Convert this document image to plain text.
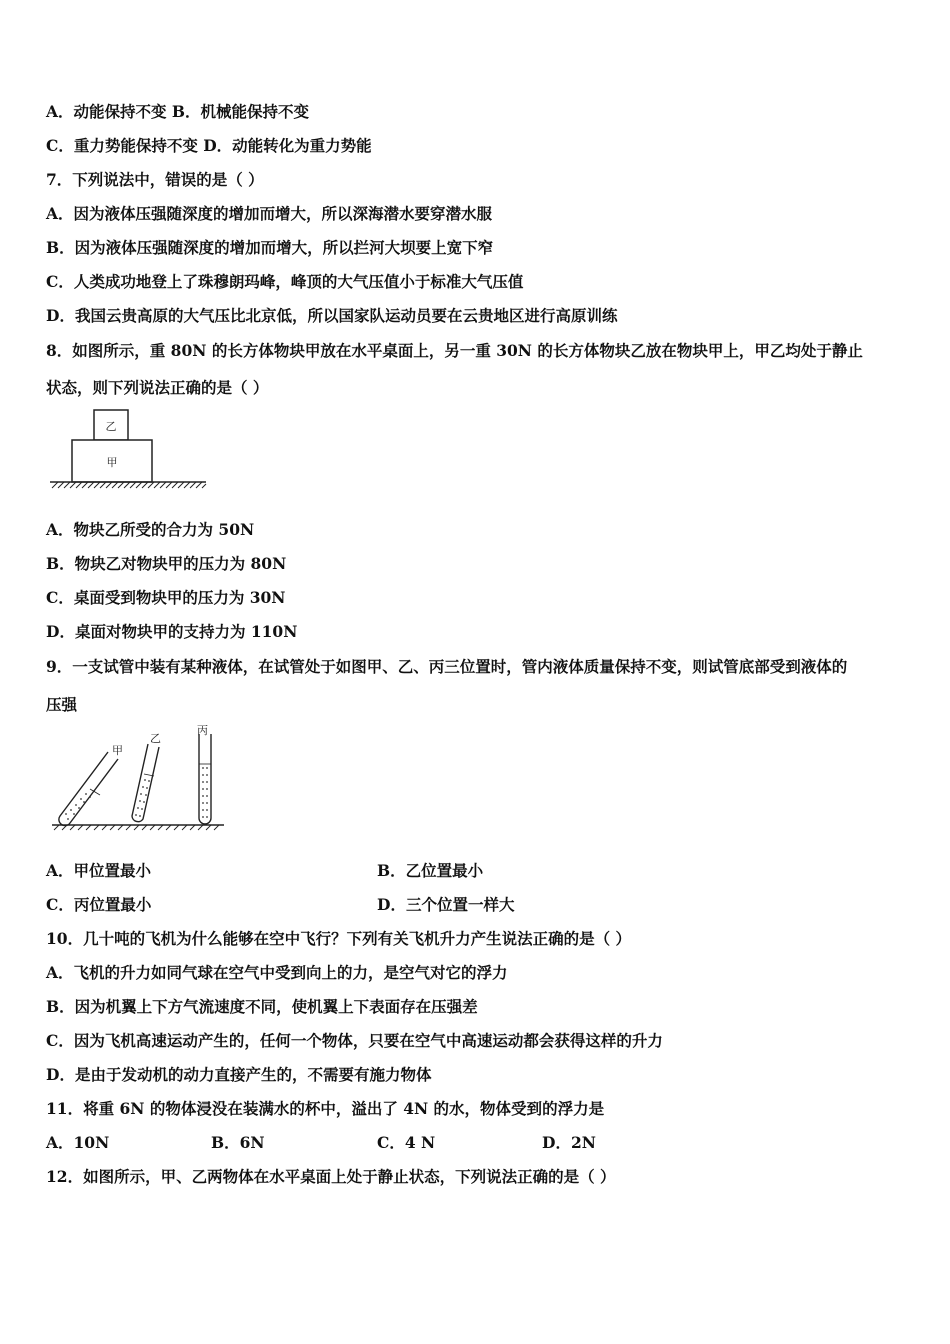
A．动能保持不变 B．机械能保持不变
C．重力势能保持不变 D．动能转化为重力势能
7．下列说法中，错误的是（ ）
A．因为液体压强随深度的增加而增大，所以深海潜水要穿潜水服
B．因为液体压强随深度的增加而增大，所以拦河大坝要上宽下窄
C．人类成功地登上了珠穆朗玛峰，峰顶的大气压值小于标准大气压值
D．我国云贵高原的大气压比北京低，所以国家队运动员要在云贵地区进行高原训练
8．如图所示，重 80N 的长方体物块甲放在水平桌面上，另一重 30N 的长方体物块乙放在物块甲上，甲乙均处于静止
状态，则下列说法正确的是（ ）
乙
甲
A．物块乙所受的合力为 50N
B．物块乙对物块甲的压力为 80N
C．桌面受到物块甲的压力为 30N
D．桌面对物块甲的支持力为 110N
9．一支试管中装有某种液体，在试管处于如图甲、乙、丙三位置时，管内液体质量保持不变，则试管底部受到液体的
压强
甲
乙
丙
A．甲位置最小	B．乙位置最小
C．丙位置最小	D．三个位置一样大
10．几十吨的飞机为什么能够在空中飞行？下列有关飞机升力产生说法正确的是（ ）
A．飞机的升力如同气球在空气中受到向上的力，是空气对它的浮力
B．因为机翼上下方气流速度不同，使机翼上下表面存在压强差
C．因为飞机高速运动产生的，任何一个物体，只要在空气中高速运动都会获得这样的升力
D．是由于发动机的动力直接产生的，不需要有施力物体
11．将重 6N 的物体浸没在装满水的杯中，溢出了 4N 的水，物体受到的浮力是
A．10N	B．6N	C．4 N	D．2N
12．如图所示，甲、乙两物体在水平桌面上处于静止状态，下列说法正确的是（ ）
